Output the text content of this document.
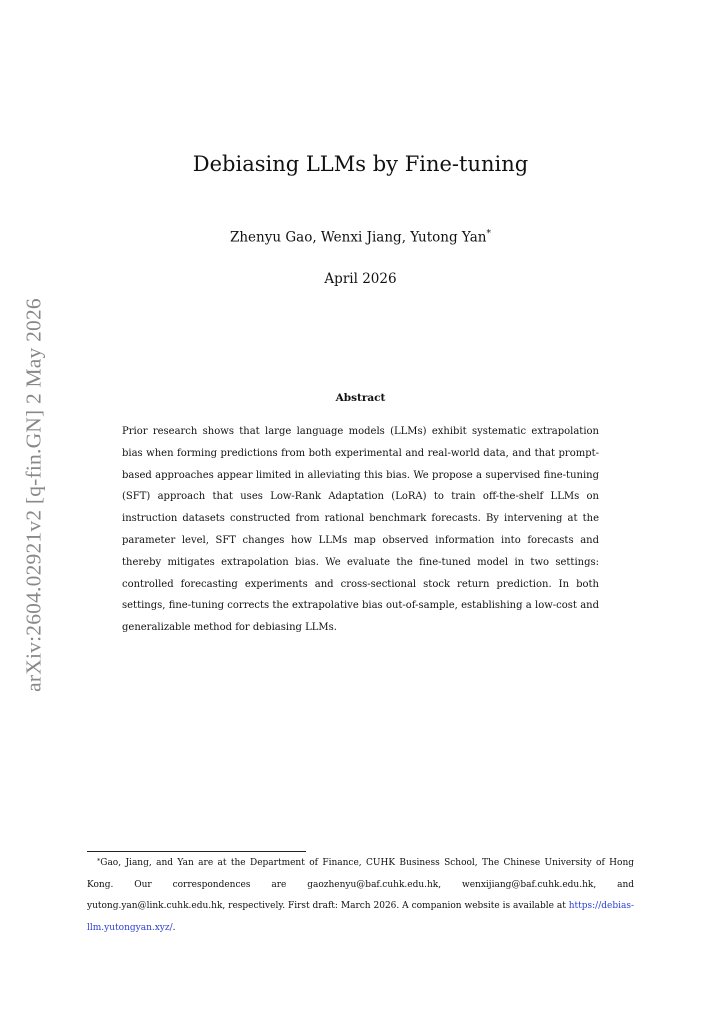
arXiv:2604.02921v2 [q-fin.GN] 2 May 2026
Debiasing LLMs by Fine-tuning
Zhenyu Gao, Wenxi Jiang, Yutong Yan*
April 2026
Abstract
Prior research shows that large language models (LLMs) exhibit systematic extrapolation bias when forming predictions from both experimental and real-world data, and that prompt-based approaches appear limited in alleviating this bias. We propose a supervised fine-tuning (SFT) approach that uses Low-Rank Adaptation (LoRA) to train off-the-shelf LLMs on instruction datasets constructed from rational benchmark forecasts. By intervening at the parameter level, SFT changes how LLMs map observed information into forecasts and thereby mitigates extrapolation bias. We evaluate the fine-tuned model in two settings: controlled forecasting experiments and cross-sectional stock return prediction. In both settings, fine-tuning corrects the extrapolative bias out-of-sample, establishing a low-cost and generalizable method for debiasing LLMs.
*Gao, Jiang, and Yan are at the Department of Finance, CUHK Business School, The Chinese University of Hong Kong. Our correspondences are gaozhenyu@baf.cuhk.edu.hk, wenxijiang@baf.cuhk.edu.hk, and yutong.yan@link.cuhk.edu.hk, respectively. First draft: March 2026. A companion website is available at https://debias-llm.yutongyan.xyz/.
